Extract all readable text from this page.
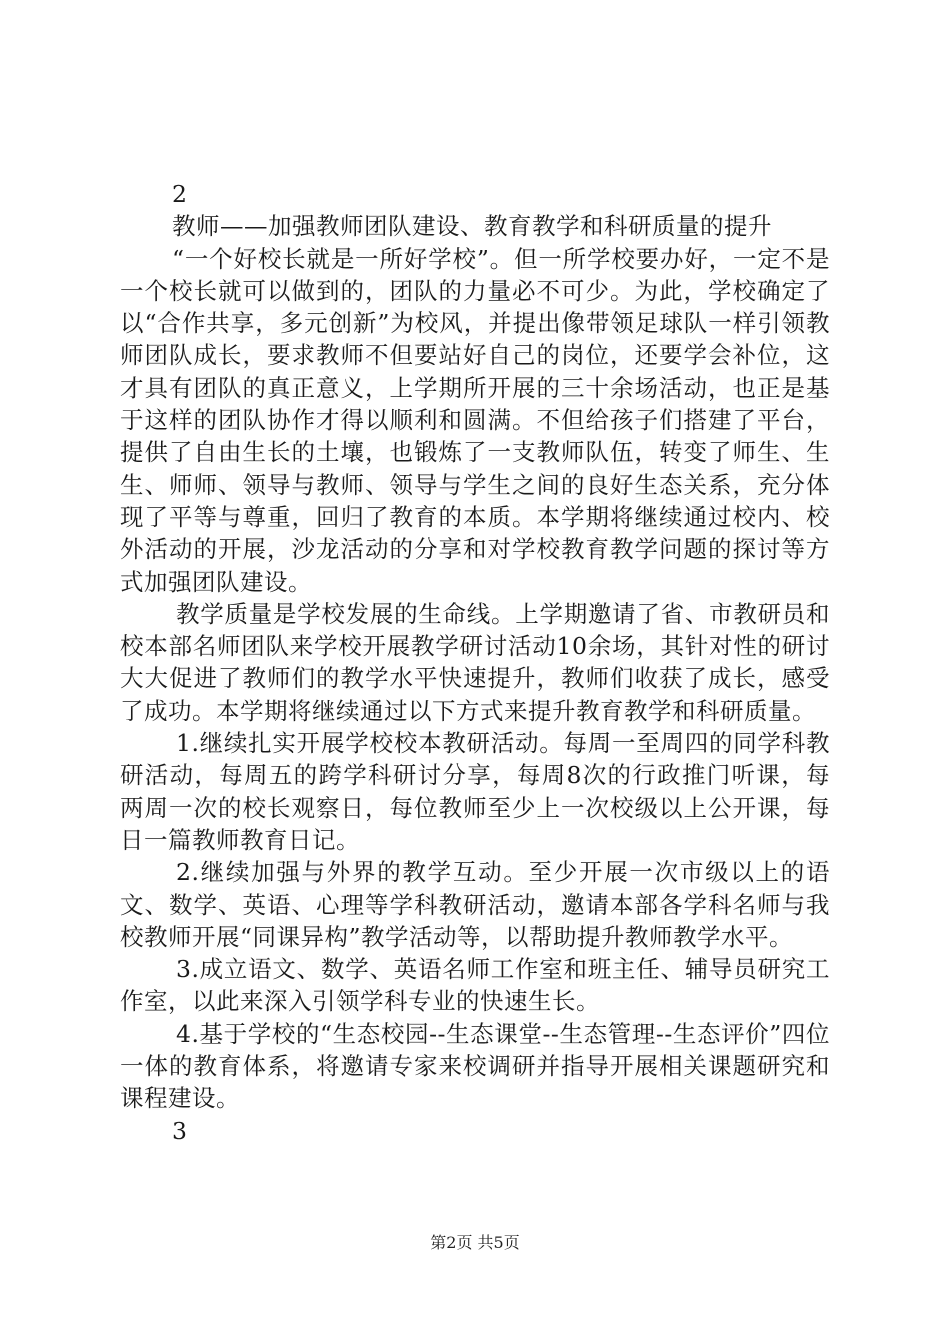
2

教师——加强教师团队建设、教育教学和科研质量的提升

“一个好校长就是一所好学校”。但一所学校要办好，一定不是一个校长就可以做到的，团队的力量必不可少。为此，学校确定了以“合作共享，多元创新”为校风，并提出像带领足球队一样引领教师团队成长，要求教师不但要站好自己的岗位，还要学会补位，这才具有团队的真正意义，上学期所开展的三十余场活动，也正是基于这样的团队协作才得以顺利和圆满。不但给孩子们搭建了平台，提供了自由生长的土壤，也锻炼了一支教师队伍，转变了师生、生生、师师、领导与教师、领导与学生之间的良好生态关系，充分体现了平等与尊重，回归了教育的本质。本学期将继续通过校内、校外活动的开展，沙龙活动的分享和对学校教育教学问题的探讨等方式加强团队建设。

教学质量是学校发展的生命线。上学期邀请了省、市教研员和校本部名师团队来学校开展教学研讨活动10余场，其针对性的研讨大大促进了教师们的教学水平快速提升，教师们收获了成长，感受了成功。本学期将继续通过以下方式来提升教育教学和科研质量。

1.继续扎实开展学校校本教研活动。每周一至周四的同学科教研活动，每周五的跨学科研讨分享，每周8次的行政推门听课，每两周一次的校长观察日，每位教师至少上一次校级以上公开课，每日一篇教师教育日记。

2.继续加强与外界的教学互动。至少开展一次市级以上的语文、数学、英语、心理等学科教研活动，邀请本部各学科名师与我校教师开展“同课异构”教学活动等，以帮助提升教师教学水平。

3.成立语文、数学、英语名师工作室和班主任、辅导员研究工作室，以此来深入引领学科专业的快速生长。

4.基于学校的“生态校园--生态课堂--生态管理--生态评价”四位一体的教育体系，将邀请专家来校调研并指导开展相关课题研究和课程建设。

3

第2页 共5页
